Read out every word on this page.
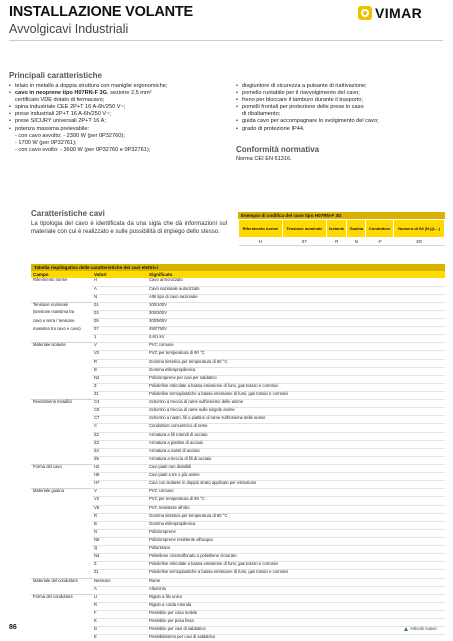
INSTALLAZIONE VOLANTE
Avvolgicavi Industriali
VIMAR
Principali caratteristiche
• telaio in metallo a doppia struttura con maniglie ergonomiche;
• cavo in neoprene tipo H07RN-F 3G, sezione 2,5 mm²
certificato VDE dotato di fermacavo;
• spina industriale CEE 2P+T 16 A-6h/250 V~;
• prese industriali 2P+T 16 A-6h/250 V~;
• prese SICURY universali 2P+T 16 A;
• potenza massima prelevabile:
- con cavo avvolto: - 2300 W (per 0P32760);
- 1700 W (per 0P32761);
- con cavo svolto: - 3600 W (per 0P32760 e 0P32761);
• disgiuntore di sicurezza a pulsante di riattivazione;
• pomello ruotabile per il riavvolgimento del cavo;
• freno per bloccare il tamburo durante il trasporto;
• pomelli frontali per protezione delle prese in caso
di ribaltamento;
• guida cavo per accompagnare lo svolgimento del cavo;
• grado di protezione IP44.
Conformità normativa
Norma CEI EN 61316.
Caratteristiche cavi
La tipologia del cavo è identificata da una sigla che dà informazioni sul materiale con cui è realizzato e sulle possibilità di impiego dello stesso.
Esempio di codifica del cavo tipo H07RN-F 3G
Riferimento norme	Tensione nominale	Isolante	Guaina	Conduttore	Numero di fili (N.)(L...)
H	07	R	N	-F	3G
Tabella riepilogativa delle caratteristiche dei cavi elettrici
Campo	Valori	Significato
Riferimento norme	H	Cavo armonizzato
	A	Cavo nazionale autorizzato
	N	Altri tipo di cavo nazionale
Tensione nominale	01	100/100V
(tensione massima tra	03	300/300V
cavo e terra / tensione	05	300/500V
massima tra cavo e cavo)	07	450/750V
	1	0,6/1 kV
Materiale isolante	V	PVC comune
	V2	PVC per temperatura di 90 °C
	R	Gomma sintetica per temperatura di 60 °C
	B	Gomma etilenpropilenica
	N2	Policloroprene per cavi per saldatrici
	Z	Poliolefine reticolate a bassa emissione di fumi, gas tossici e corrosivi
	Z1	Poliolefine termoplastiche a bassa emissione di fumi, gas tossici e corrosivi
Rivestimenti metallici	C4	Schermo a treccia di rame sull'insieme delle anime
	C5	Schermo a treccia di rame sulle singole anime
	C7	Schermo a nastri, fili o piattine di rame sull'insieme delle anime
	C	Conduttore concentrico di rame
	Z2	Armatura a fili rotondi di acciaio
	Z3	Armatura a piattine di acciaio
	Z4	Armatura a nastri di acciaio
	Z5	Armatura a treccia di fili di acciaio
Forma del cavo	H2	Cavi piatti non divisibili
	H6	Cavi piatti a tre o più anime
	H7	Cavi con isolante in doppio strato applicato per estrusione
Materiale guaina	V	PVC comune
	V2	PVC per temperatura di 90 °C
	V5	PVC resistente all'olio
	R	Gomma sintetica per temperatura di 60 °C
	B	Gomma etilenpropilenica
	N	Policloroprene
	N8	Policloroprene resistente all'acqua
	Q	Poliuretano
	N4	Polietilene clorosolfonato o polietilene clorurato
	Z	Poliolefine reticolate a bassa emissione di fumi, gas tossici e corrosivi
	Z1	Poliolefine termoplastiche a bassa emissione di fumi, gas tossici e corrosivi
Materiale del conduttore	Nessuno	Rame
	A	Alluminio
Forma del conduttore	U	Rigido a filo unico
	R	Rigido a corda rotonda
	F	Flessibile per cosa mobile
	K	Flessibile per posa fissa
	D	Flessibile per cavi di saldatrice
	E	Flessibilissimo per cavi di saldatrice
86	Articolo nuovo
